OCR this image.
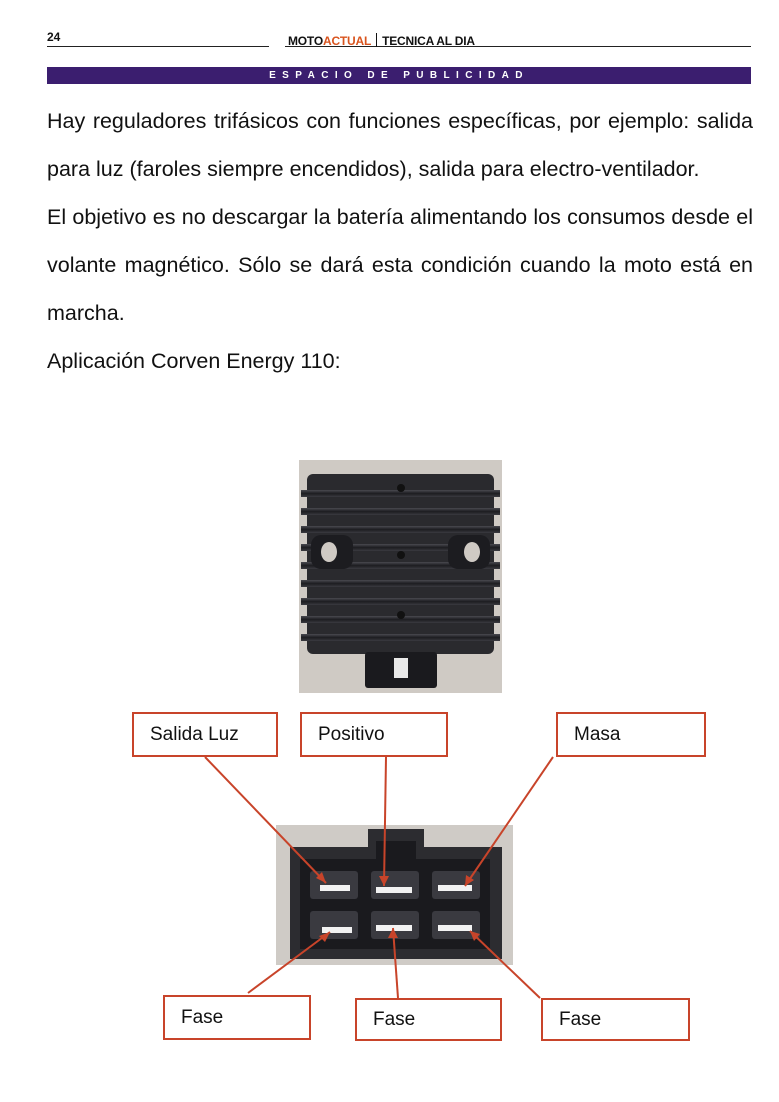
24	MOTOACTUAL TECNICA AL DIA
ESPACIO DE PUBLICIDAD

Hay reguladores trifásicos con funciones específicas, por ejemplo: salida para luz (faroles siempre encendidos), salida para electro-ventilador.

El objetivo es no descargar la batería alimentando los consumos desde el volante magnético. Sólo se dará esta condición cuando la moto está en marcha.

Aplicación Corven Energy 110:

Salida Luz	Positivo	Masa
Fase	Fase	Fase
